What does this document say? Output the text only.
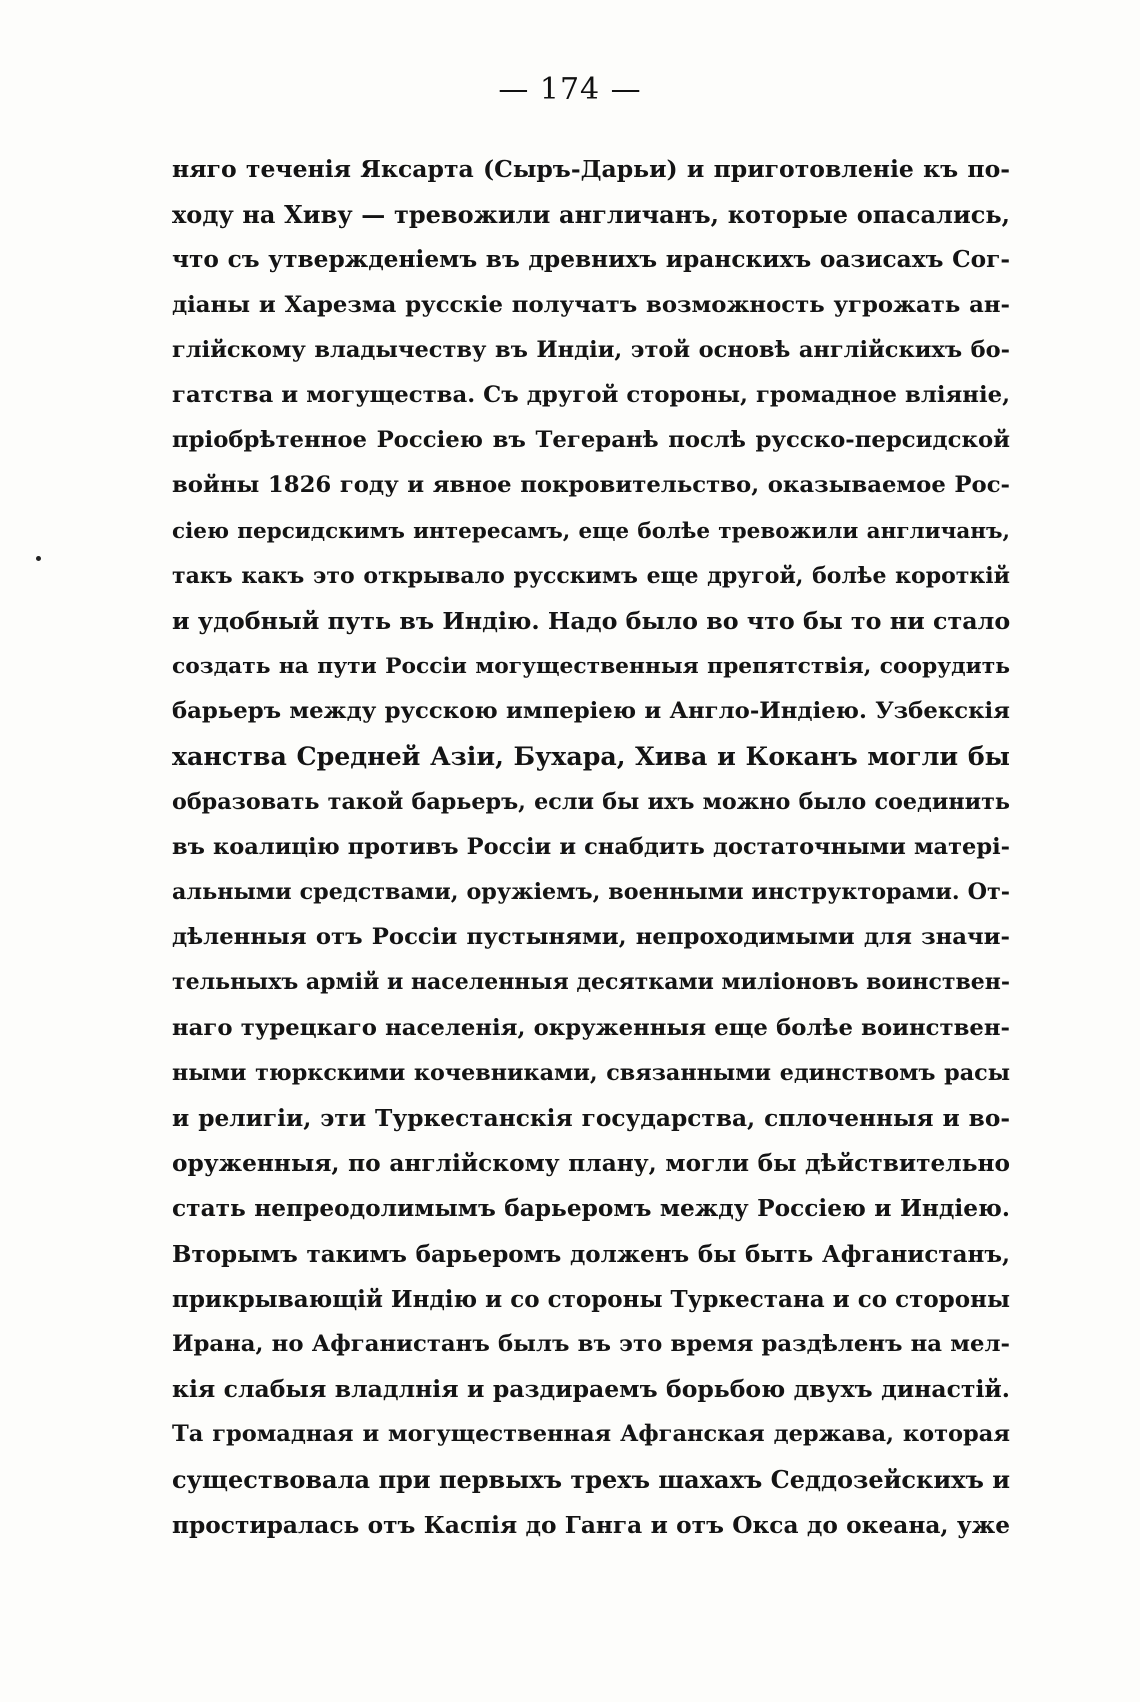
— 174 —
няго теченія Яксарта (Сыръ-Дарьи) и приготовленіе къ по-
ходу на Хиву — тревожили англичанъ, которые опасались,
что съ утвержденіемъ въ древнихъ иранскихъ оазисахъ Сог-
діаны и Харезма русскіе получатъ возможность угрожать ан-
глійскому владычеству въ Индіи, этой основѣ англійскихъ бо-
гатства и могущества. Съ другой стороны, громадное вліяніе,
пріобрѣтенное Россіею въ Тегеранѣ послѣ русско-персидской
войны 1826 году и явное покровительство, оказываемое Рос-
сіею персидскимъ интересамъ, еще болѣе тревожили англичанъ,
такъ какъ это открывало русскимъ еще другой, болѣе короткій
и удобный путь въ Индію. Надо было во что бы то ни стало
создать на пути Россіи могущественныя препятствія, соорудить
барьеръ между русскою имперіею и Англо-Индіею. Узбекскія
ханства Средней Азіи, Бухара, Хива и Коканъ могли бы
образовать такой барьеръ, если бы ихъ можно было соединить
въ коалицію противъ Россіи и снабдить достаточными матері-
альными средствами, оружіемъ, военными инструкторами. От-
дѣленныя отъ Россіи пустынями, непроходимыми для значи-
тельныхъ армій и населенныя десятками миліоновъ воинствен-
наго турецкаго населенія, окруженныя еще болѣе воинствен-
ными тюркскими кочевниками, связанными единствомъ расы
и религіи, эти Туркестанскія государства, сплоченныя и во-
оруженныя, по англійскому плану, могли бы дѣйствительно
стать непреодолимымъ барьеромъ между Россіею и Индіею.
Вторымъ такимъ барьеромъ долженъ бы быть Афганистанъ,
прикрывающій Индію и со стороны Туркестана и со стороны
Ирана, но Афганистанъ былъ въ это время раздѣленъ на мел-
кія слабыя владлнія и раздираемъ борьбою двухъ династій.
Та громадная и могущественная Афганская держава, которая
существовала при первыхъ трехъ шахахъ Седдозейскихъ и
простиралась отъ Каспія до Ганга и отъ Окса до океана, уже
